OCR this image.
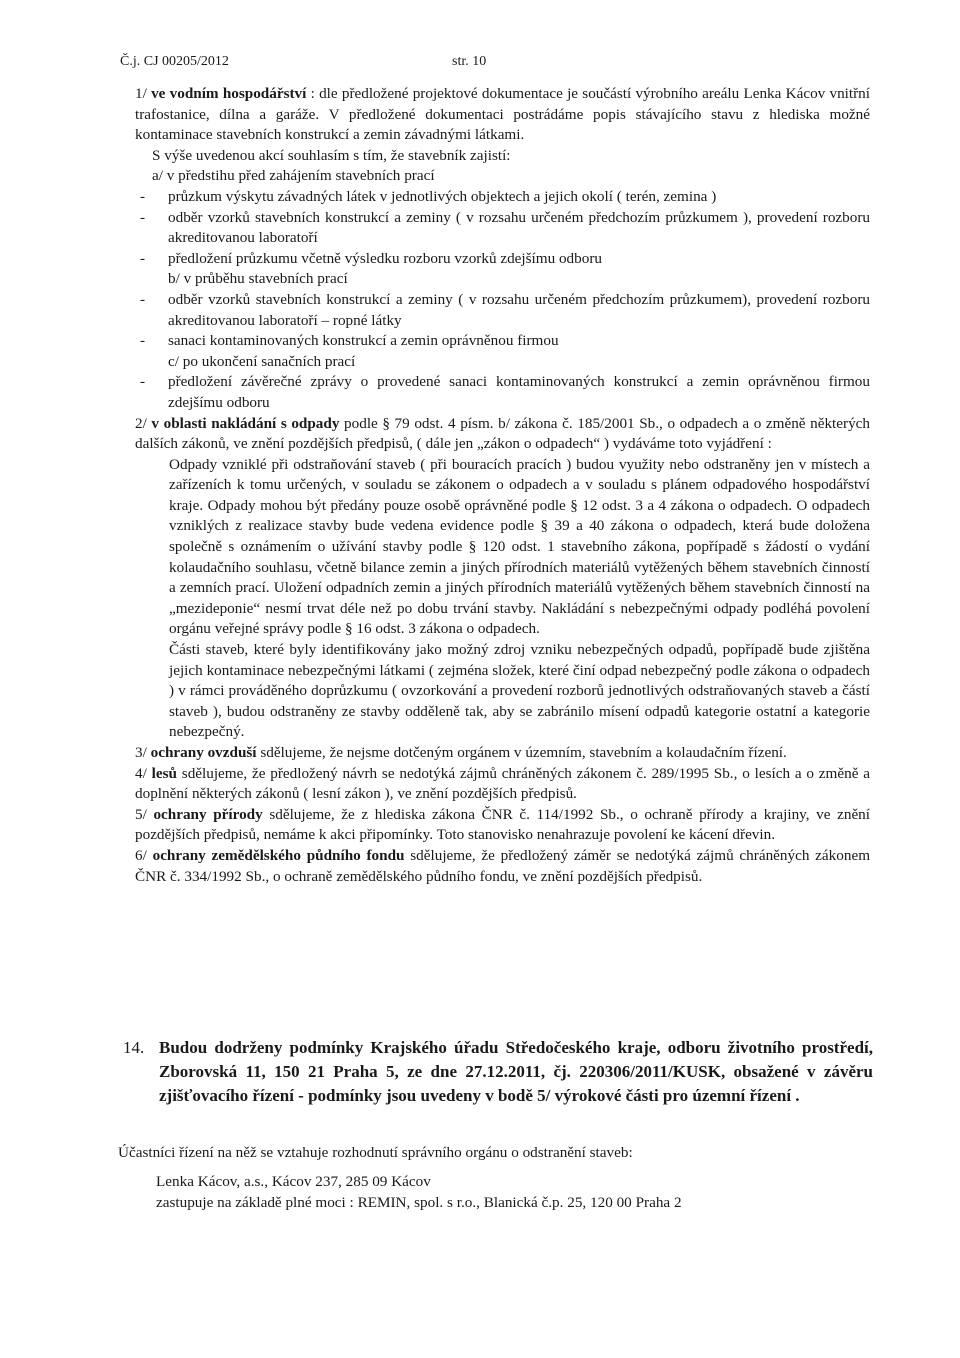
Č.j. CJ 00205/2012	str. 10

1/ ve vodním hospodářství : dle předložené projektové dokumentace je součástí výrobního areálu Lenka Kácov vnitřní trafostanice, dílna a garáže. V předložené dokumentaci postrádáme popis stávajícího stavu z hlediska možné kontaminace stavebních konstrukcí a zemin závadnými látkami.

S výše uvedenou akcí souhlasím s tím, že stavebník zajistí:

a/ v předstihu před zahájením stavebních prací

- průzkum výskytu závadných látek v jednotlivých objektech a jejich okolí ( terén, zemina )

- odběr vzorků stavebních konstrukcí a zeminy ( v rozsahu určeném předchozím průzkumem ), provedení rozboru akreditovanou laboratoří

- předložení průzkumu včetně výsledku rozboru vzorků zdejšímu odboru

b/ v průběhu stavebních prací

- odběr vzorků stavebních konstrukcí a zeminy ( v rozsahu určeném předchozím průzkumem), provedení rozboru akreditovanou laboratoří – ropné látky

- sanaci kontaminovaných konstrukcí a zemin oprávněnou firmou

c/ po ukončení sanačních prací

- předložení závěrečné zprávy o provedené sanaci kontaminovaných konstrukcí a zemin oprávněnou firmou zdejšímu odboru

2/ v oblasti nakládání s odpady podle § 79 odst. 4 písm. b/ zákona č. 185/2001 Sb., o odpadech a o změně některých dalších zákonů, ve znění pozdějších předpisů, ( dále jen „zákon o odpadech“ ) vydáváme toto vyjádření :

Odpady vzniklé při odstraňování staveb ( při bouracích pracích ) budou využity nebo odstraněny jen v místech a zařízeních k tomu určených, v souladu se zákonem o odpadech a v souladu s plánem odpadového hospodářství kraje. Odpady mohou být předány pouze osobě oprávněné podle § 12 odst. 3 a 4 zákona o odpadech. O odpadech vzniklých z realizace stavby bude vedena evidence podle § 39 a 40 zákona o odpadech, která bude doložena společně s oznámením o užívání stavby podle § 120 odst. 1 stavebního zákona, popřípadě s žádostí o vydání kolaudačního souhlasu, včetně bilance zemin a jiných přírodních materiálů vytěžených během stavebních činností a zemních prací. Uložení odpadních zemin a jiných přírodních materiálů vytěžených během stavebních činností na „mezideponie“ nesmí trvat déle než po dobu trvání stavby. Nakládání s nebezpečnými odpady podléhá povolení orgánu veřejné správy podle § 16 odst. 3 zákona o odpadech.

Části staveb, které byly identifikovány jako možný zdroj vzniku nebezpečných odpadů, popřípadě bude zjištěna jejich kontaminace nebezpečnými látkami ( zejména složek, které činí odpad nebezpečný podle zákona o odpadech ) v rámci prováděného doprůzkumu ( ovzorkování a provedení rozborů jednotlivých odstraňovaných staveb a částí staveb ), budou odstraněny ze stavby odděleně tak, aby se zabránilo mísení odpadů kategorie ostatní a kategorie nebezpečný.

3/ ochrany ovzduší sdělujeme, že nejsme dotčeným orgánem v územním, stavebním a kolaudačním řízení.

4/ lesů sdělujeme, že předložený návrh se nedotýká zájmů chráněných zákonem č. 289/1995 Sb., o lesích a o změně a doplnění některých zákonů ( lesní zákon ), ve znění pozdějších předpisů.

5/ ochrany přírody sdělujeme, že z hlediska zákona ČNR č. 114/1992 Sb., o ochraně přírody a krajiny, ve znění pozdějších předpisů, nemáme k akci připomínky. Toto stanovisko nenahrazuje povolení ke kácení dřevin.

6/ ochrany zemědělského půdního fondu sdělujeme, že předložený záměr se nedotýká zájmů chráněných zákonem ČNR č. 334/1992 Sb., o ochraně zemědělského půdního fondu, ve znění pozdějších předpisů.

14. Budou dodrženy podmínky Krajského úřadu Středočeského kraje, odboru životního prostředí, Zborovská 11, 150 21 Praha 5, ze dne 27.12.2011, čj. 220306/2011/KUSK, obsažené v závěru zjišťovacího řízení - podmínky jsou uvedeny v bodě 5/ výrokové části pro územní řízení .
Účastníci řízení na něž se vztahuje rozhodnutí správního orgánu o odstranění staveb:
Lenka Kácov, a.s., Kácov 237, 285 09 Kácov
zastupuje na základě plné moci : REMIN, spol. s r.o., Blanická č.p. 25, 120 00 Praha 2
